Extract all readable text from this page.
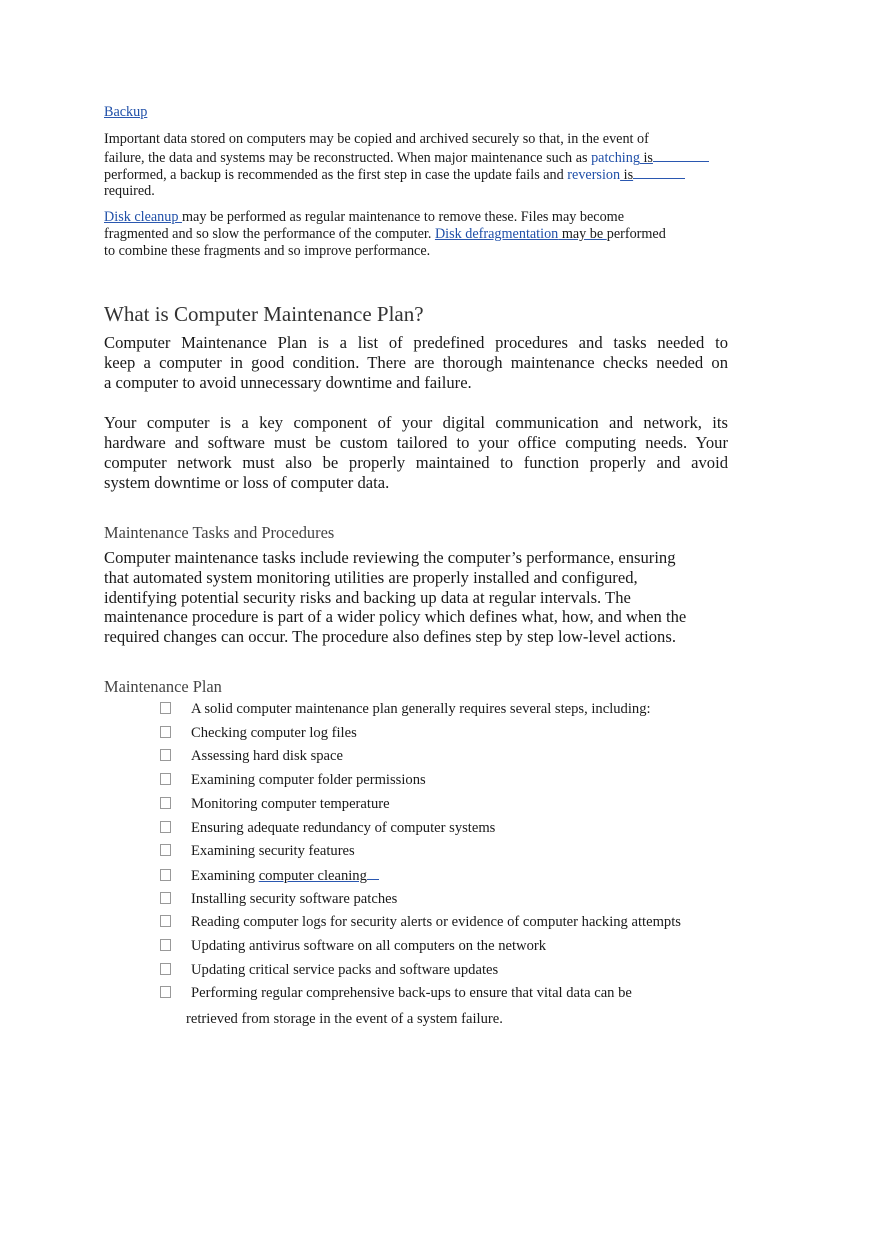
Backup
Important data stored on computers may be copied and archived securely so that, in the event of
failure, the data and systems may be reconstructed. When major maintenance such as patching is
performed, a backup is recommended as the first step in case the update fails and reversion is
required.
Disk cleanup may be performed as regular maintenance to remove these. Files may become
fragmented and so slow the performance of the computer. Disk defragmentation may be performed
to combine these fragments and so improve performance.
What is Computer Maintenance Plan?
Computer Maintenance Plan is a list of predefined procedures and tasks needed to
keep a computer in good condition. There are thorough maintenance checks needed on
a computer to avoid unnecessary downtime and failure.
Your computer is a key component of your digital communication and network, its
hardware and software must be custom tailored to your office computing needs. Your
computer network must also be properly maintained to function properly and avoid
system downtime or loss of computer data.
Maintenance Tasks and Procedures
Computer maintenance tasks include reviewing the computer’s performance, ensuring
that automated system monitoring utilities are properly installed and configured,
identifying potential security risks and backing up data at regular intervals. The
maintenance procedure is part of a wider policy which defines what, how, and when the
required changes can occur. The procedure also defines step by step low-level actions.
Maintenance Plan
A solid computer maintenance plan generally requires several steps, including:
Checking computer log files
Assessing hard disk space
Examining computer folder permissions
Monitoring computer temperature
Ensuring adequate redundancy of computer systems
Examining security features
Examining computer cleaning
Installing security software patches
Reading computer logs for security alerts or evidence of computer hacking attempts
Updating antivirus software on all computers on the network
Updating critical service packs and software updates
Performing regular comprehensive back-ups to ensure that vital data can be
retrieved from storage in the event of a system failure.
